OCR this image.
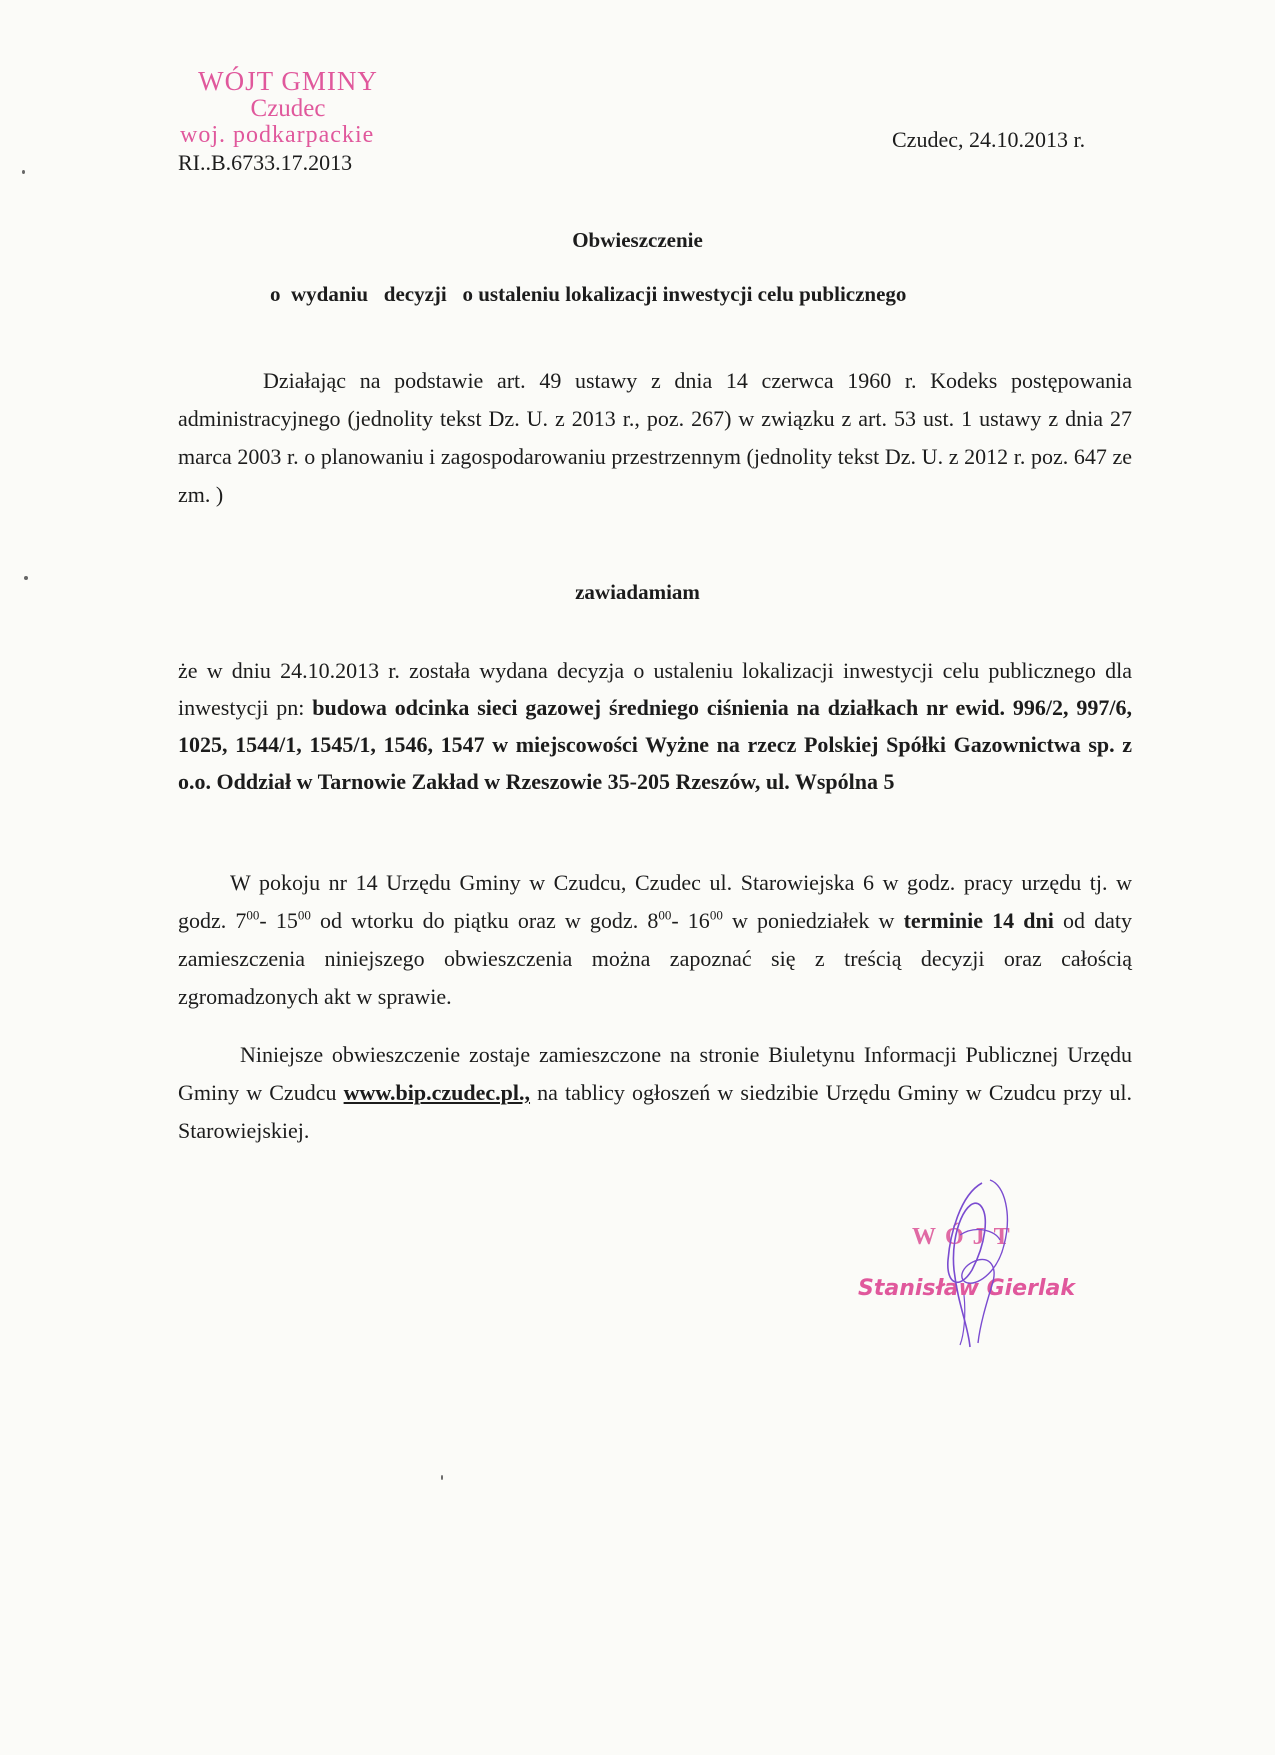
WÓJT GMINY
Czudec
woj. podkarpackie
RI..B.6733.17.2013
Czudec, 24.10.2013 r.
Obwieszczenie
o  wydaniu   decyzji   o ustaleniu lokalizacji inwestycji celu publicznego
Działając na podstawie art. 49 ustawy z dnia 14 czerwca 1960 r. Kodeks postępowania administracyjnego (jednolity tekst Dz. U. z 2013 r., poz. 267) w związku z art. 53 ust. 1 ustawy z dnia 27 marca 2003 r. o planowaniu i zagospodarowaniu przestrzennym (jednolity tekst Dz. U. z 2012 r. poz. 647 ze zm. )
zawiadamiam
że w dniu 24.10.2013 r. została wydana decyzja o ustaleniu lokalizacji inwestycji celu publicznego dla inwestycji pn: budowa odcinka sieci gazowej średniego ciśnienia na działkach nr ewid. 996/2, 997/6, 1025, 1544/1, 1545/1, 1546, 1547 w miejscowości Wyżne na rzecz Polskiej Spółki Gazownictwa sp. z o.o. Oddział w Tarnowie Zakład w Rzeszowie 35-205 Rzeszów, ul. Wspólna 5
W pokoju nr 14 Urzędu Gminy w Czudcu, Czudec ul. Starowiejska 6 w godz. pracy urzędu tj. w godz. $7^{00}-$ $15^{00}$ od wtorku do piątku oraz w godz. $8^{00}-$ $16^{00}$ w poniedziałek w terminie 14 dni od daty zamieszczenia niniejszego obwieszczenia można zapoznać się z treścią decyzji oraz całością zgromadzonych akt w sprawie.
Niniejsze obwieszczenie zostaje zamieszczone na stronie Biuletynu Informacji Publicznej Urzędu Gminy w Czudcu www.bip.czudec.pl., na tablicy ogłoszeń w siedzibie Urzędu Gminy w Czudcu przy ul. Starowiejskiej.
WÓJT
Stanisław Gierlak
